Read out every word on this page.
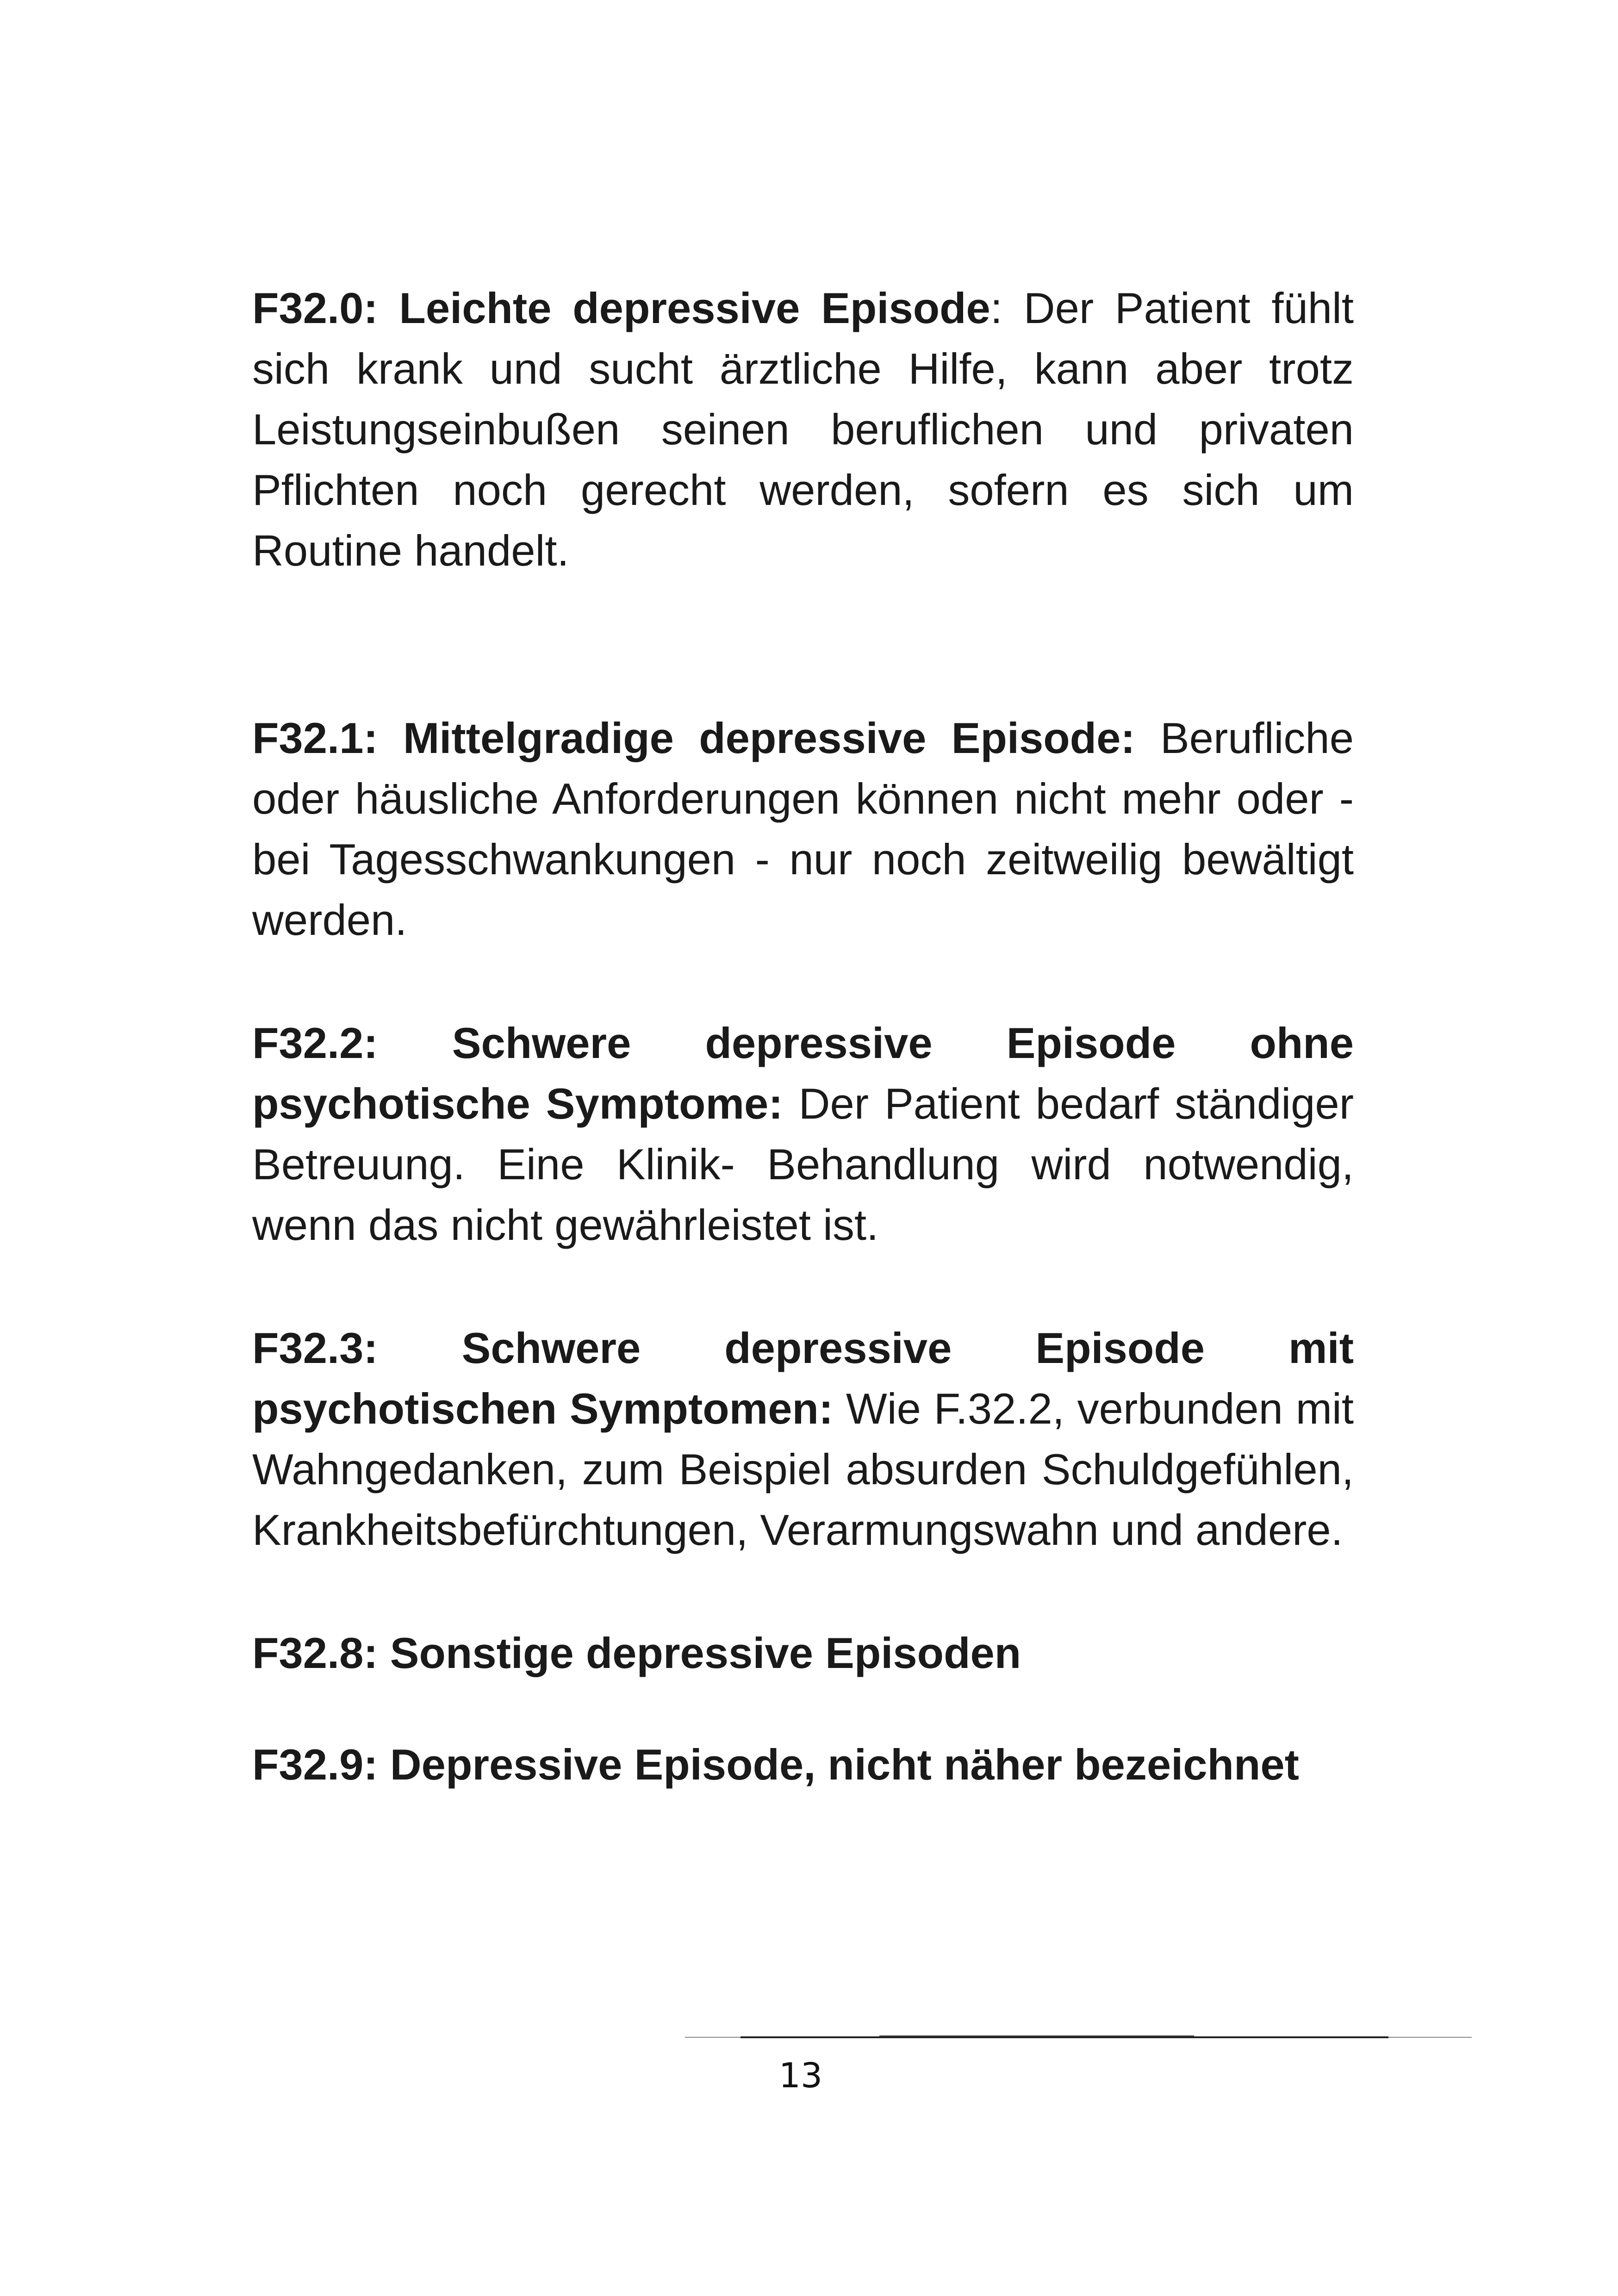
F32.0: Leichte depressive Episode: Der Patient fühlt sich krank und sucht ärztliche Hilfe, kann aber trotz Leistungseinbußen seinen beruflichen und privaten Pflichten noch gerecht werden, sofern es sich um Routine handelt.

F32.1: Mittelgradige depressive Episode: Berufliche oder häusliche Anforderungen können nicht mehr oder - bei Tagesschwankungen - nur noch zeitweilig bewältigt werden.

F32.2: Schwere depressive Episode ohne psychotische Symptome: Der Patient bedarf ständiger Betreuung. Eine Klinik- Behandlung wird notwendig, wenn das nicht gewährleistet ist.

F32.3: Schwere depressive Episode mit psychotischen Symptomen: Wie F.32.2, verbunden mit Wahngedanken, zum Beispiel absurden Schuldgefühlen, Krankheitsbefürchtungen, Verarmungswahn und andere.

F32.8: Sonstige depressive Episoden

F32.9: Depressive Episode, nicht näher bezeichnet

13
